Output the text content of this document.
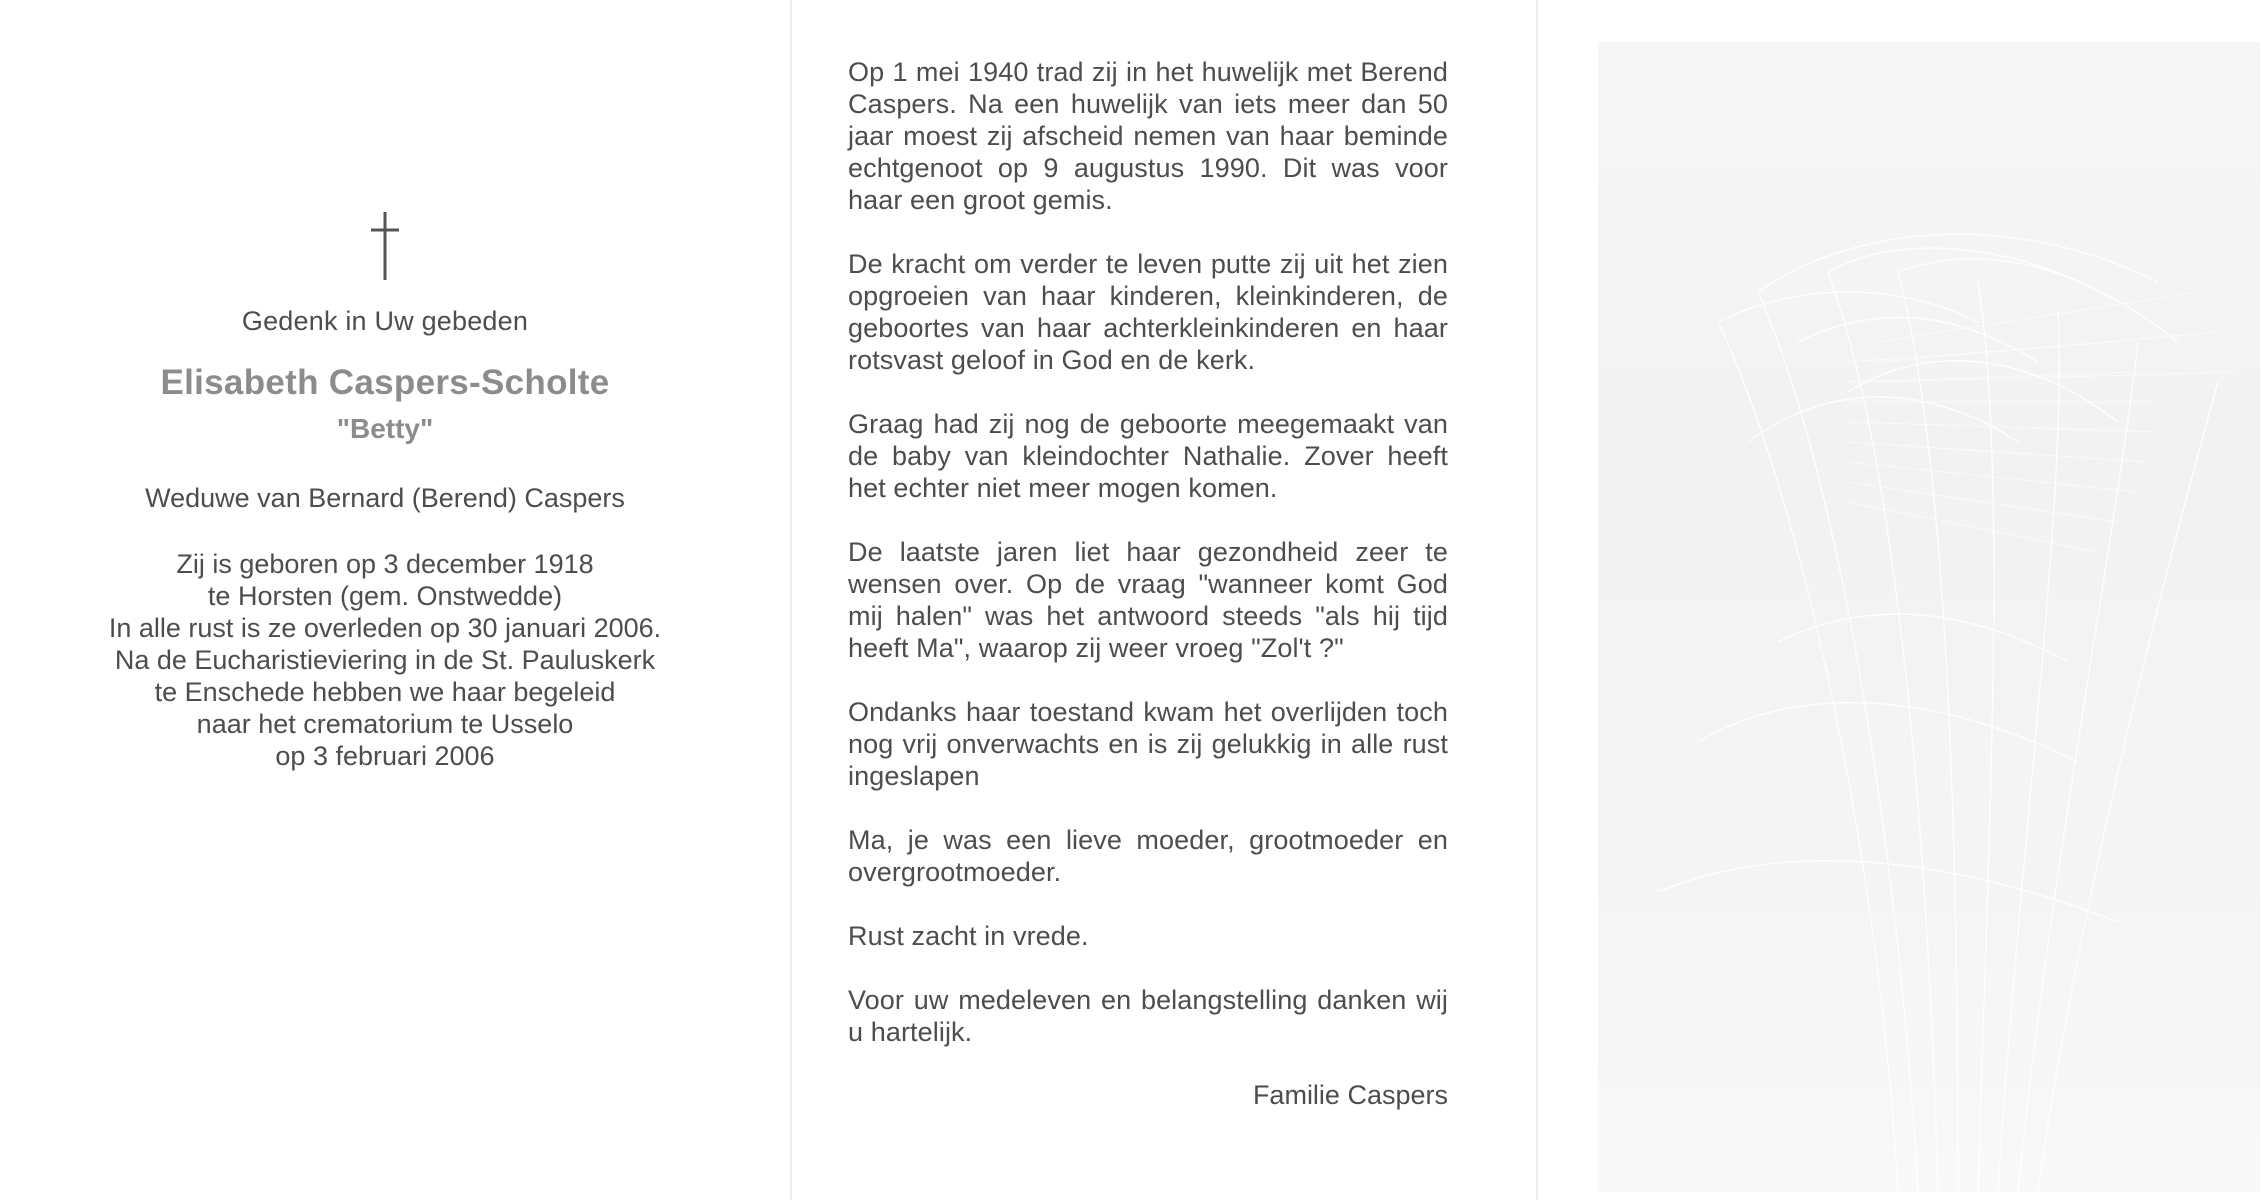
Gedenk in Uw gebeden

Elisabeth Caspers-Scholte

"Betty"

Weduwe van Bernard (Berend) Caspers

Zij is geboren op 3 december 1918

te Horsten (gem. Onstwedde)

In alle rust is ze overleden op 30 januari 2006.

Na de Eucharistieviering in de St. Pauluskerk

te Enschede hebben we haar begeleid

naar het crematorium te Usselo

op 3 februari 2006

Op 1 mei 1940 trad zij in het huwelijk met Berend Caspers. Na een huwelijk van iets meer dan 50 jaar moest zij afscheid nemen van haar beminde echtgenoot op 9 augustus 1990. Dit was voor haar een groot gemis.

De kracht om verder te leven putte zij uit het zien opgroeien van haar kinderen, kleinkinderen, de geboortes van haar achterkleinkinderen en haar rotsvast geloof in God en de kerk.

Graag had zij nog de geboorte meegemaakt van de baby van kleindochter Nathalie. Zover heeft het echter niet meer mogen komen.

De laatste jaren liet haar gezondheid zeer te wensen over. Op de vraag "wanneer komt God mij halen" was het antwoord steeds "als hij tijd heeft Ma", waarop zij weer vroeg "Zol't ?"

Ondanks haar toestand kwam het overlijden toch nog vrij onverwachts en is zij gelukkig in alle rust ingeslapen

Ma, je was een lieve moeder, grootmoeder en overgrootmoeder.

Rust zacht in vrede.

Voor uw medeleven en belangstelling danken wij u hartelijk.

Familie Caspers
